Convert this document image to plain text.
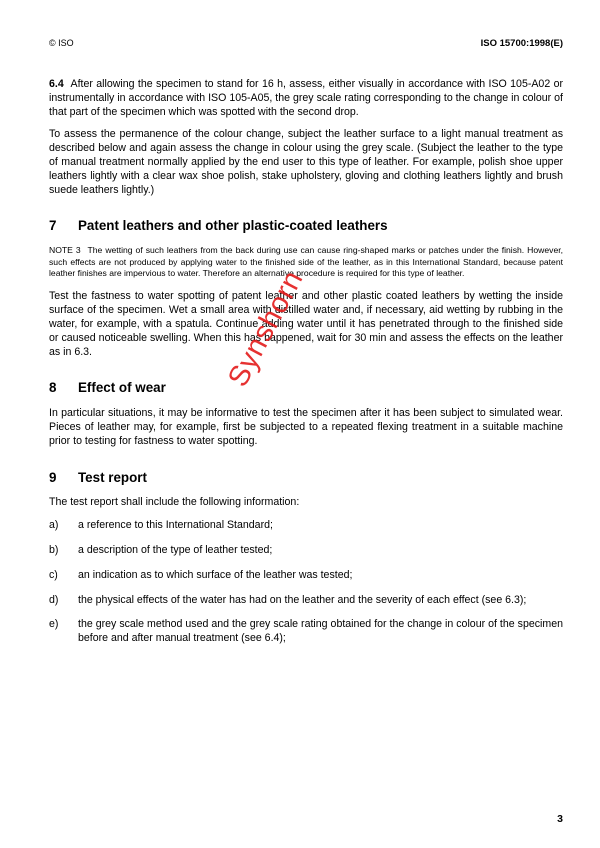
© ISO	ISO 15700:1998(E)

6.4 After allowing the specimen to stand for 16 h, assess, either visually in accordance with ISO 105-A02 or instrumentally in accordance with ISO 105-A05, the grey scale rating corresponding to the change in colour of that part of the specimen which was spotted with the second drop.

To assess the permanence of the colour change, subject the leather surface to a light manual treatment as described below and again assess the change in colour using the grey scale. (Subject the leather to the type of manual treatment normally applied by the end user to this type of leather. For example, polish shoe upper leathers lightly with a clear wax shoe polish, stake upholstery, gloving and clothing leathers lightly and brush suede leathers lightly.)

7	Patent leathers and other plastic-coated leathers

NOTE 3 The wetting of such leathers from the back during use can cause ring-shaped marks or patches under the finish. However, such effects are not produced by applying water to the finished side of the leather, as in this International Standard, because patent leather finishes are impervious to water. Therefore an alternative procedure is required for this type of leather.

Test the fastness to water spotting of patent leather and other plastic coated leathers by wetting the inside surface of the specimen. Wet a small area with distilled water and, if necessary, aid wetting by rubbing in the water, for example, with a spatula. Continue adding water until it has penetrated through to the finished side or caused noticeable swelling. When this has happened, wait for 30 min and assess the effects on the leather as in 6.3.

8	Effect of wear

In particular situations, it may be informative to test the specimen after it has been subject to simulated wear. Pieces of leather may, for example, first be subjected to a repeated flexing treatment in a suitable machine prior to testing for fastness to water spotting.

9	Test report

The test report shall include the following information:

a)	a reference to this International Standard;
b)	a description of the type of leather tested;
c)	an indication as to which surface of the leather was tested;
d)	the physical effects of the water has had on the leather and the severity of each effect (see 6.3);
e)	the grey scale method used and the grey scale rating obtained for the change in colour of the specimen before and after manual treatment (see 6.4);
Synshorn
3
